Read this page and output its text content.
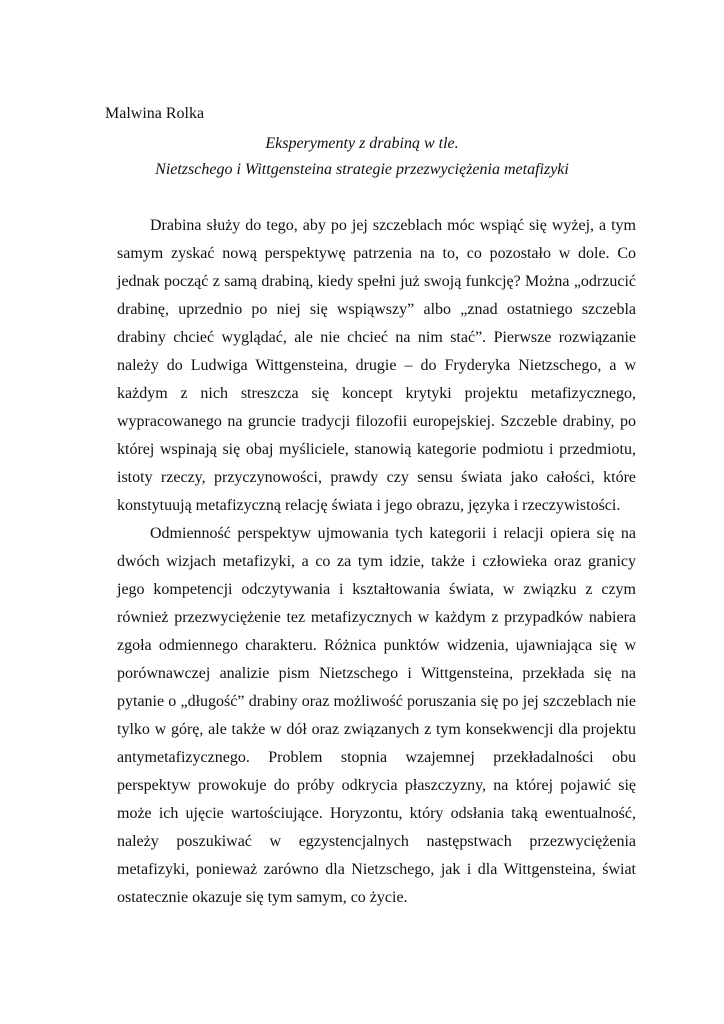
Malwina Rolka
Eksperymenty z drabiną w tle.
Nietzschego i Wittgensteina strategie przezwyciężenia metafizyki

Drabina służy do tego, aby po jej szczeblach móc wspiąć się wyżej, a tym samym zyskać nową perspektywę patrzenia na to, co pozostało w dole. Co jednak począć z samą drabiną, kiedy spełni już swoją funkcję? Można „odrzucić drabinę, uprzednio po niej się wspiąwszy” albo „znad ostatniego szczebla drabiny chcieć wyglądać, ale nie chcieć na nim stać”. Pierwsze rozwiązanie należy do Ludwiga Wittgensteina, drugie – do Fryderyka Nietzschego, a w każdym z nich streszcza się koncept krytyki projektu metafizycznego, wypracowanego na gruncie tradycji filozofii europejskiej. Szczeble drabiny, po której wspinają się obaj myśliciele, stanowią kategorie podmiotu i przedmiotu, istoty rzeczy, przyczynowości, prawdy czy sensu świata jako całości, które konstytuują metafizyczną relację świata i jego obrazu, języka i rzeczywistości.

Odmienność perspektyw ujmowania tych kategorii i relacji opiera się na dwóch wizjach metafizyki, a co za tym idzie, także i człowieka oraz granicy jego kompetencji odczytywania i kształtowania świata, w związku z czym również przezwyciężenie tez metafizycznych w każdym z przypadków nabiera zgoła odmiennego charakteru. Różnica punktów widzenia, ujawniająca się w porównawczej analizie pism Nietzschego i Wittgensteina, przekłada się na pytanie o „długość” drabiny oraz możliwość poruszania się po jej szczeblach nie tylko w górę, ale także w dół oraz związanych z tym konsekwencji dla projektu antymetafizycznego. Problem stopnia wzajemnej przekładalności obu perspektyw prowokuje do próby odkrycia płaszczyzny, na której pojawić się może ich ujęcie wartościujące. Horyzontu, który odsłania taką ewentualność, należy poszukiwać w egzystencjalnych następstwach przezwyciężenia metafizyki, ponieważ zarówno dla Nietzschego, jak i dla Wittgensteina, świat ostatecznie okazuje się tym samym, co życie.
